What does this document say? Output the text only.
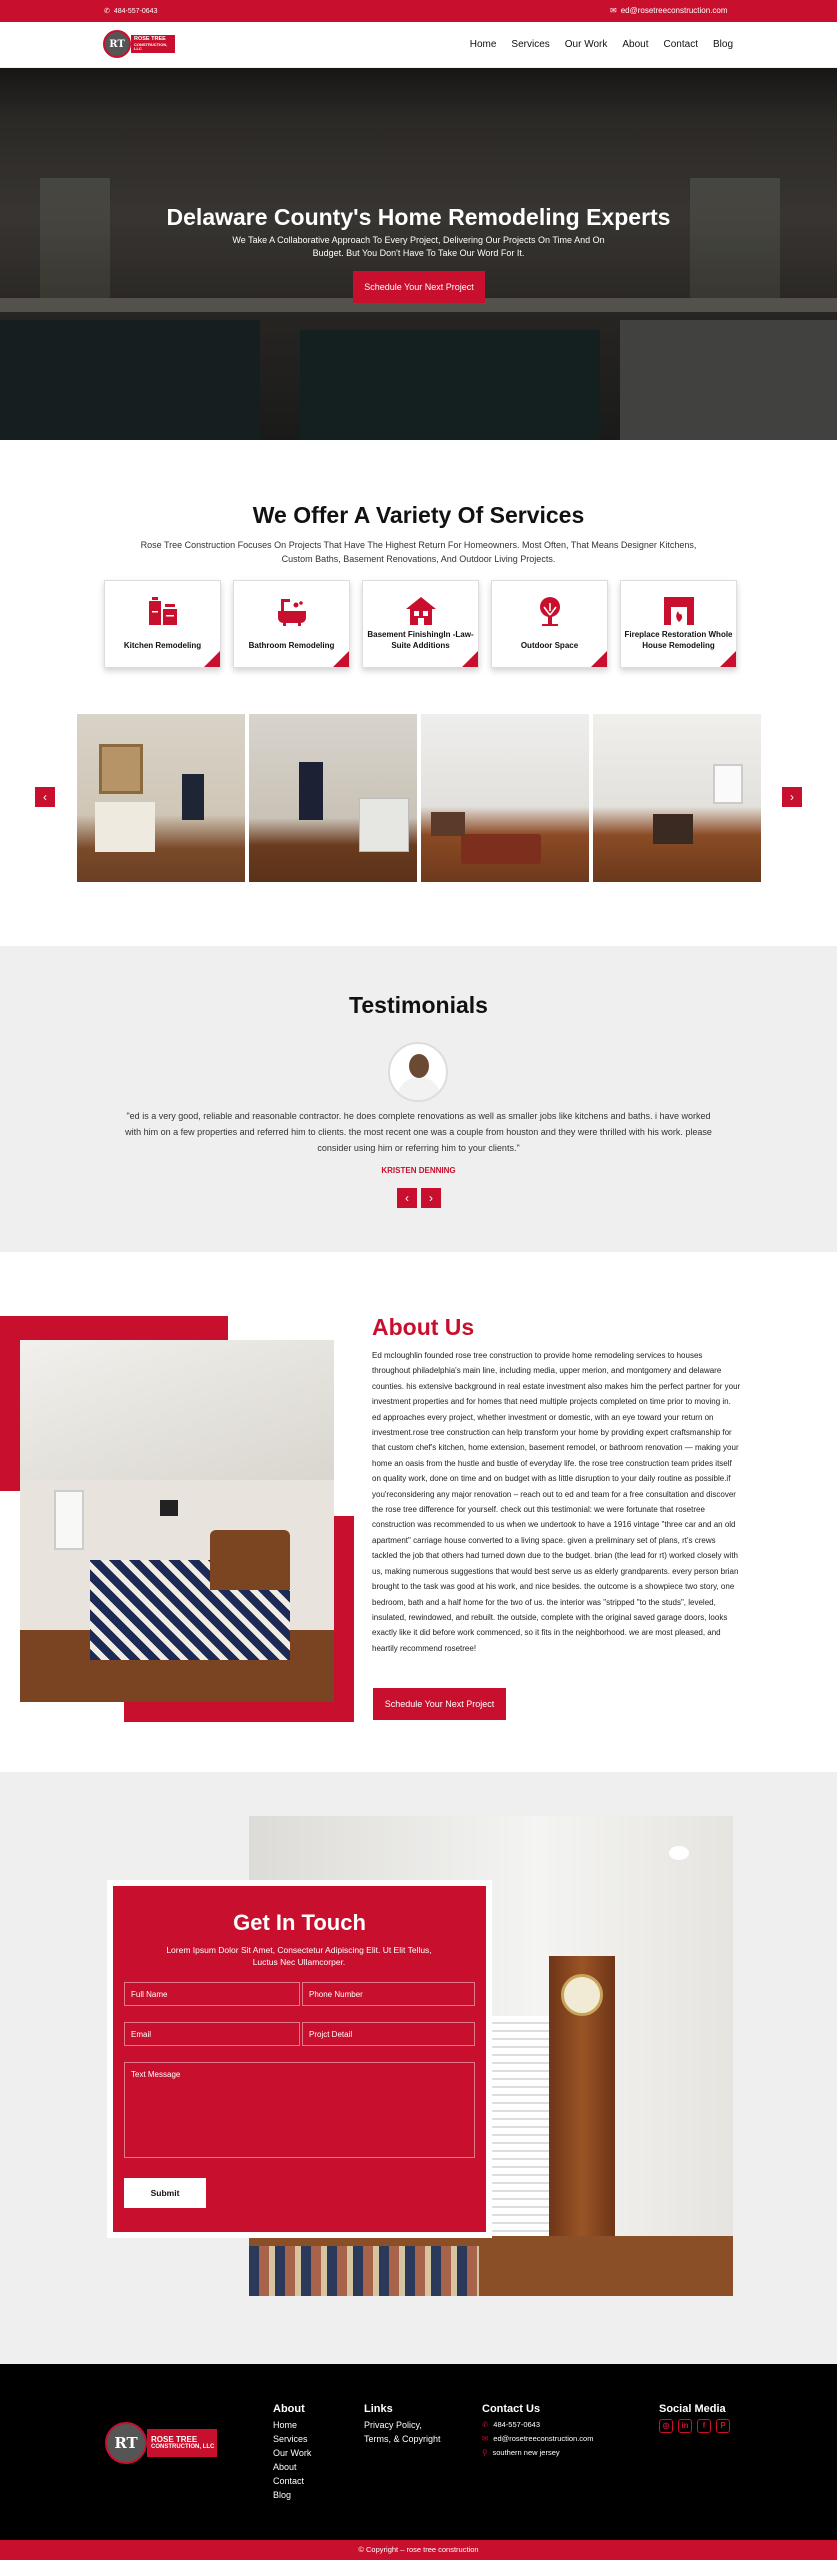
✆ 484-557-0643	✉ ed@rosetreeconstruction.com
RT	ROSE TREE
CONSTRUCTION, LLC	Home Services Our Work About Contact Blog
Delaware County's Home Remodeling Experts

We Take A Collaborative Approach To Every Project, Delivering Our Projects On Time And On Budget. But You Don't Have To Take Our Word For It.

Schedule Your Next Project
We Offer A Variety Of Services
Rose Tree Construction Focuses On Projects That Have The Highest Return For Homeowners. Most Often, That Means Designer Kitchens, Custom Baths, Basement Renovations, And Outdoor Living Projects.
Kitchen Remodeling	Bathroom Remodeling
Basement FinishingIn -Law-Suite Additions	Outdoor Space
Fireplace Restoration Whole House Remodeling
‹	›
Testimonials
"ed is a very good, reliable and reasonable contractor. he does complete renovations as well as smaller jobs like kitchens and baths. i have worked with him on a few properties and referred him to clients. the most recent one was a couple from houston and they were thrilled with his work. please consider using him or referring him to your clients."
KRISTEN DENNING
‹	›
About Us
Ed mcloughlin founded rose tree construction to provide home remodeling services to houses throughout philadelphia's main line, including media, upper merion, and montgomery and delaware counties. his extensive background in real estate investment also makes him the perfect partner for your investment properties and for homes that need multiple projects completed on time prior to moving in. ed approaches every project, whether investment or domestic, with an eye toward your return on investment.rose tree construction can help transform your home by providing expert craftsmanship for that custom chef's kitchen, home extension, basement remodel, or bathroom renovation — making your home an oasis from the hustle and bustle of everyday life. the rose tree construction team prides itself on quality work, done on time and on budget with as little disruption to your daily routine as possible.if you'reconsidering any major renovation – reach out to ed and team for a free consultation and discover the rose tree difference for yourself. check out this testimonial: we were fortunate that rosetree construction was recommended to us when we undertook to have a 1916 vintage "three car and an old apartment" carriage house converted to a living space. given a preliminary set of plans, rt's crews tackled the job that others had turned down due to the budget. brian (the lead for rt) worked closely with us, making numerous suggestions that would best serve us as elderly grandparents. every person brian brought to the task was good at his work, and nice besides. the outcome is a showpiece two story, one bedroom, bath and a half home for the two of us. the interior was "stripped "to the studs", leveled, insulated, rewindowed, and rebuilt. the outside, complete with the original saved garage doors, looks exactly like it did before work commenced, so it fits in the neighborhood. we are most pleased, and heartily recommend rosetree!
Schedule Your Next Project
Get In Touch
Lorem Ipsum Dolor Sit Amet, Consectetur Adipiscing Elit. Ut Elit Tellus, Luctus Nec Ullamcorper.
Full Name	Phone Number
Email	Projct Detail
Text Message
Submit
RT	ROSE TREE
CONSTRUCTION, LLC
About
Home
Services
Our Work
About
Contact
Blog
Links
Privacy Policy,
Terms, & Copyright
Contact Us
✆ 484-557-0643
✉ ed@rosetreeconstruction.com
⚲ southern new jersey
Social Media
◎	in	f	P
© Copyright – rose tree construction
